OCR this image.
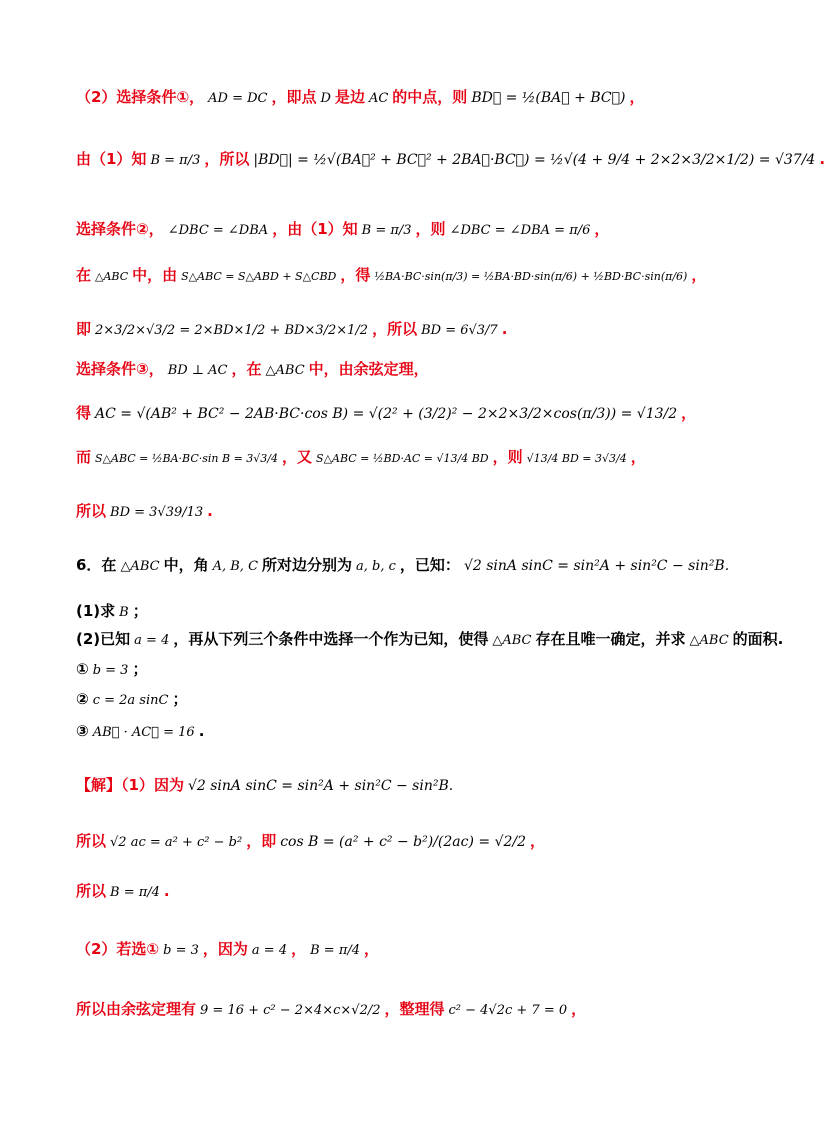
（2）选择条件①， AD = DC ，即点 D 是边 AC 的中点，则 BD⃗ = ½(BA⃗ + BC⃗) ，
由（1）知 B = π/3 ，所以 |BD⃗| = ½√(BA⃗² + BC⃗² + 2BA⃗·BC⃗) = ½√(4 + 9/4 + 2×2×3/2×1/2) = √37/4 .
选择条件②， ∠DBC = ∠DBA ，由（1）知 B = π/3 ，则 ∠DBC = ∠DBA = π/6 ，
在 △ABC 中，由 S△ABC = S△ABD + S△CBD ，得 ½BA·BC·sin(π/3) = ½BA·BD·sin(π/6) + ½BD·BC·sin(π/6) ，
即 2×3/2×√3/2 = 2×BD×1/2 + BD×3/2×1/2 ，所以 BD = 6√3/7 .
选择条件③， BD ⊥ AC ，在 △ABC 中，由余弦定理，
得 AC = √(AB² + BC² − 2AB·BC·cos B) = √(2² + (3/2)² − 2×2×3/2×cos(π/3)) = √13/2 ，
而 S△ABC = ½BA·BC·sin B = 3√3/4 ，又 S△ABC = ½BD·AC = √13/4 BD ，则 √13/4 BD = 3√3/4 ，
所以 BD = 3√39/13 .
6．在 △ABC 中，角 A, B, C 所对边分别为 a, b, c ，已知： √2 sinA sinC = sin²A + sin²C − sin²B.
(1)求 B ；
(2)已知 a = 4 ，再从下列三个条件中选择一个作为已知，使得 △ABC 存在且唯一确定，并求 △ABC 的面积.
① b = 3 ；
② c = 2a sinC ；
③ AB⃗ · AC⃗ = 16 .
【解】（1）因为 √2 sinA sinC = sin²A + sin²C − sin²B.
所以 √2 ac = a² + c² − b² ，即 cos B = (a² + c² − b²)/(2ac) = √2/2 ，
所以 B = π/4 .
（2）若选① b = 3 ，因为 a = 4 ， B = π/4 ，
所以由余弦定理有 9 = 16 + c² − 2×4×c×√2/2 ，整理得 c² − 4√2c + 7 = 0 ，
